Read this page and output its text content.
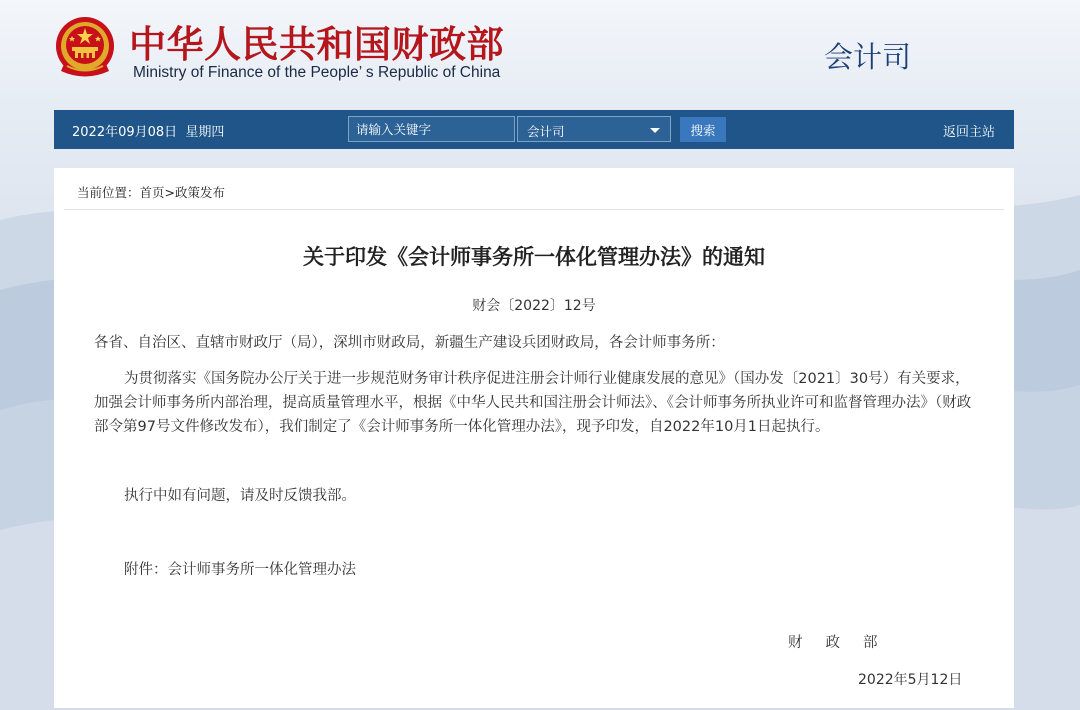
中华人民共和国财政部
Ministry of Finance of the People’ s Republic of China	会计司
2022年09月08日  星期四
请输入关键字	会计司	搜索	返回主站
当前位置：首页>政策发布
关于印发《会计师事务所一体化管理办法》的通知
财会〔2022〕12号
各省、自治区、直辖市财政厅（局），深圳市财政局，新疆生产建设兵团财政局，各会计师事务所：
为贯彻落实《国务院办公厅关于进一步规范财务审计秩序促进注册会计师行业健康发展的意见》（国办发〔2021〕30号）有关要求，加强会计师事务所内部治理，提高质量管理水平，根据《中华人民共和国注册会计师法》、《会计师事务所执业许可和监督管理办法》（财政部令第97号文件修改发布），我们制定了《会计师事务所一体化管理办法》，现予印发，自2022年10月1日起执行。
执行中如有问题，请及时反馈我部。
附件：会计师事务所一体化管理办法
财政部
2022年5月12日
